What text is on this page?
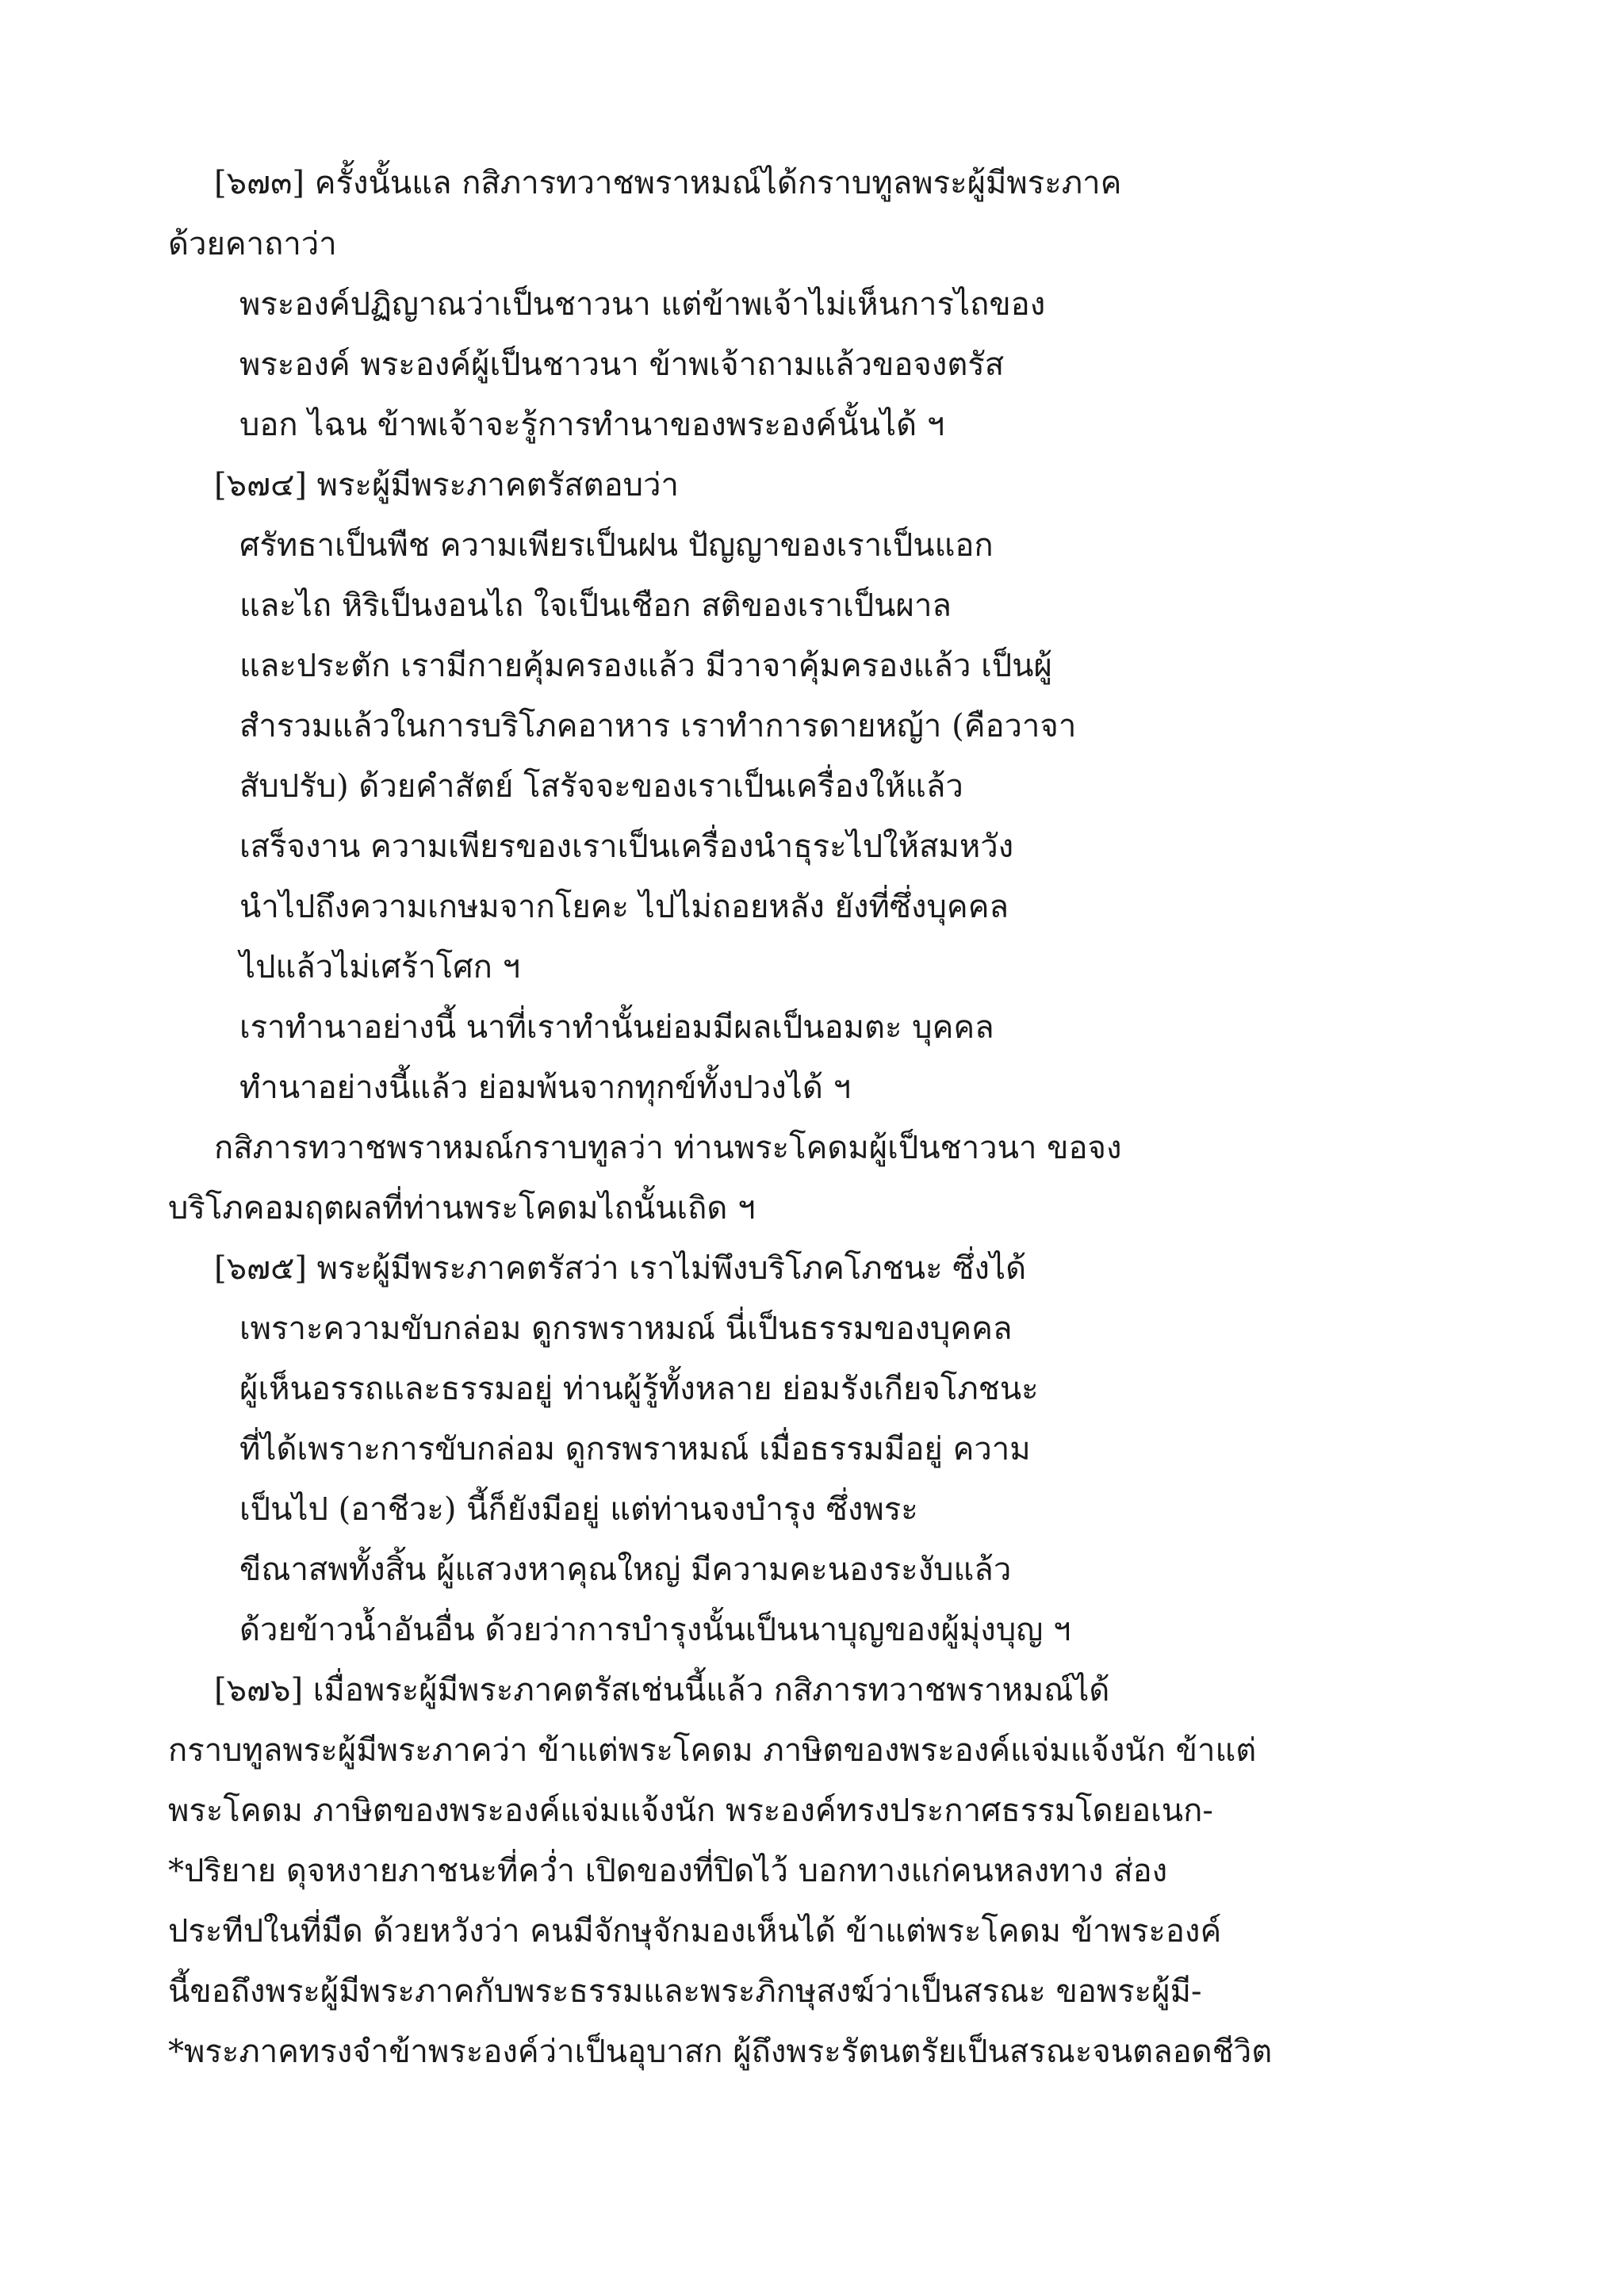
[๖๗๓] ครั้งนั้นแล กสิภารทวาชพราหมณ์ได้กราบทูลพระผู้มีพระภาค
ด้วยคาถาว่า
พระองค์ปฏิญาณว่าเป็นชาวนา แต่ข้าพเจ้าไม่เห็นการไถของ
พระองค์ พระองค์ผู้เป็นชาวนา ข้าพเจ้าถามแล้วขอจงตรัส
บอก ไฉน ข้าพเจ้าจะรู้การทำนาของพระองค์นั้นได้ ฯ
[๖๗๔] พระผู้มีพระภาคตรัสตอบว่า
ศรัทธาเป็นพืช ความเพียรเป็นฝน ปัญญาของเราเป็นแอก
และไถ หิริเป็นงอนไถ ใจเป็นเชือก สติของเราเป็นผาล
และประตัก เรามีกายคุ้มครองแล้ว มีวาจาคุ้มครองแล้ว เป็นผู้
สำรวมแล้วในการบริโภคอาหาร เราทำการดายหญ้า (คือวาจา
สับปรับ) ด้วยคำสัตย์ โสรัจจะของเราเป็นเครื่องให้แล้ว
เสร็จงาน ความเพียรของเราเป็นเครื่องนำธุระไปให้สมหวัง
นำไปถึงความเกษมจากโยคะ ไปไม่ถอยหลัง ยังที่ซึ่งบุคคล
ไปแล้วไม่เศร้าโศก ฯ
เราทำนาอย่างนี้ นาที่เราทำนั้นย่อมมีผลเป็นอมตะ บุคคล
ทำนาอย่างนี้แล้ว ย่อมพ้นจากทุกข์ทั้งปวงได้ ฯ
กสิภารทวาชพราหมณ์กราบทูลว่า ท่านพระโคดมผู้เป็นชาวนา ขอจง
บริโภคอมฤตผลที่ท่านพระโคดมไถนั้นเถิด ฯ
[๖๗๕] พระผู้มีพระภาคตรัสว่า เราไม่พึงบริโภคโภชนะ ซึ่งได้
เพราะความขับกล่อม ดูกรพราหมณ์ นี่เป็นธรรมของบุคคล
ผู้เห็นอรรถและธรรมอยู่ ท่านผู้รู้ทั้งหลาย ย่อมรังเกียจโภชนะ
ที่ได้เพราะการขับกล่อม ดูกรพราหมณ์ เมื่อธรรมมีอยู่ ความ
เป็นไป (อาชีวะ) นี้ก็ยังมีอยู่ แต่ท่านจงบำรุง ซึ่งพระ
ขีณาสพทั้งสิ้น ผู้แสวงหาคุณใหญ่ มีความคะนองระงับแล้ว
ด้วยข้าวน้ำอันอื่น ด้วยว่าการบำรุงนั้นเป็นนาบุญของผู้มุ่งบุญ ฯ
[๖๗๖] เมื่อพระผู้มีพระภาคตรัสเช่นนี้แล้ว กสิภารทวาชพราหมณ์ได้
กราบทูลพระผู้มีพระภาคว่า ข้าแต่พระโคดม ภาษิตของพระองค์แจ่มแจ้งนัก ข้าแต่
พระโคดม ภาษิตของพระองค์แจ่มแจ้งนัก พระองค์ทรงประกาศธรรมโดยอเนก-
*ปริยาย ดุจหงายภาชนะที่คว่ำ เปิดของที่ปิดไว้ บอกทางแก่คนหลงทาง ส่อง
ประทีปในที่มืด ด้วยหวังว่า คนมีจักษุจักมองเห็นได้ ข้าแต่พระโคดม ข้าพระองค์
นี้ขอถึงพระผู้มีพระภาคกับพระธรรมและพระภิกษุสงฆ์ว่าเป็นสรณะ ขอพระผู้มี-
*พระภาคทรงจำข้าพระองค์ว่าเป็นอุบาสก ผู้ถึงพระรัตนตรัยเป็นสรณะจนตลอดชีวิต
